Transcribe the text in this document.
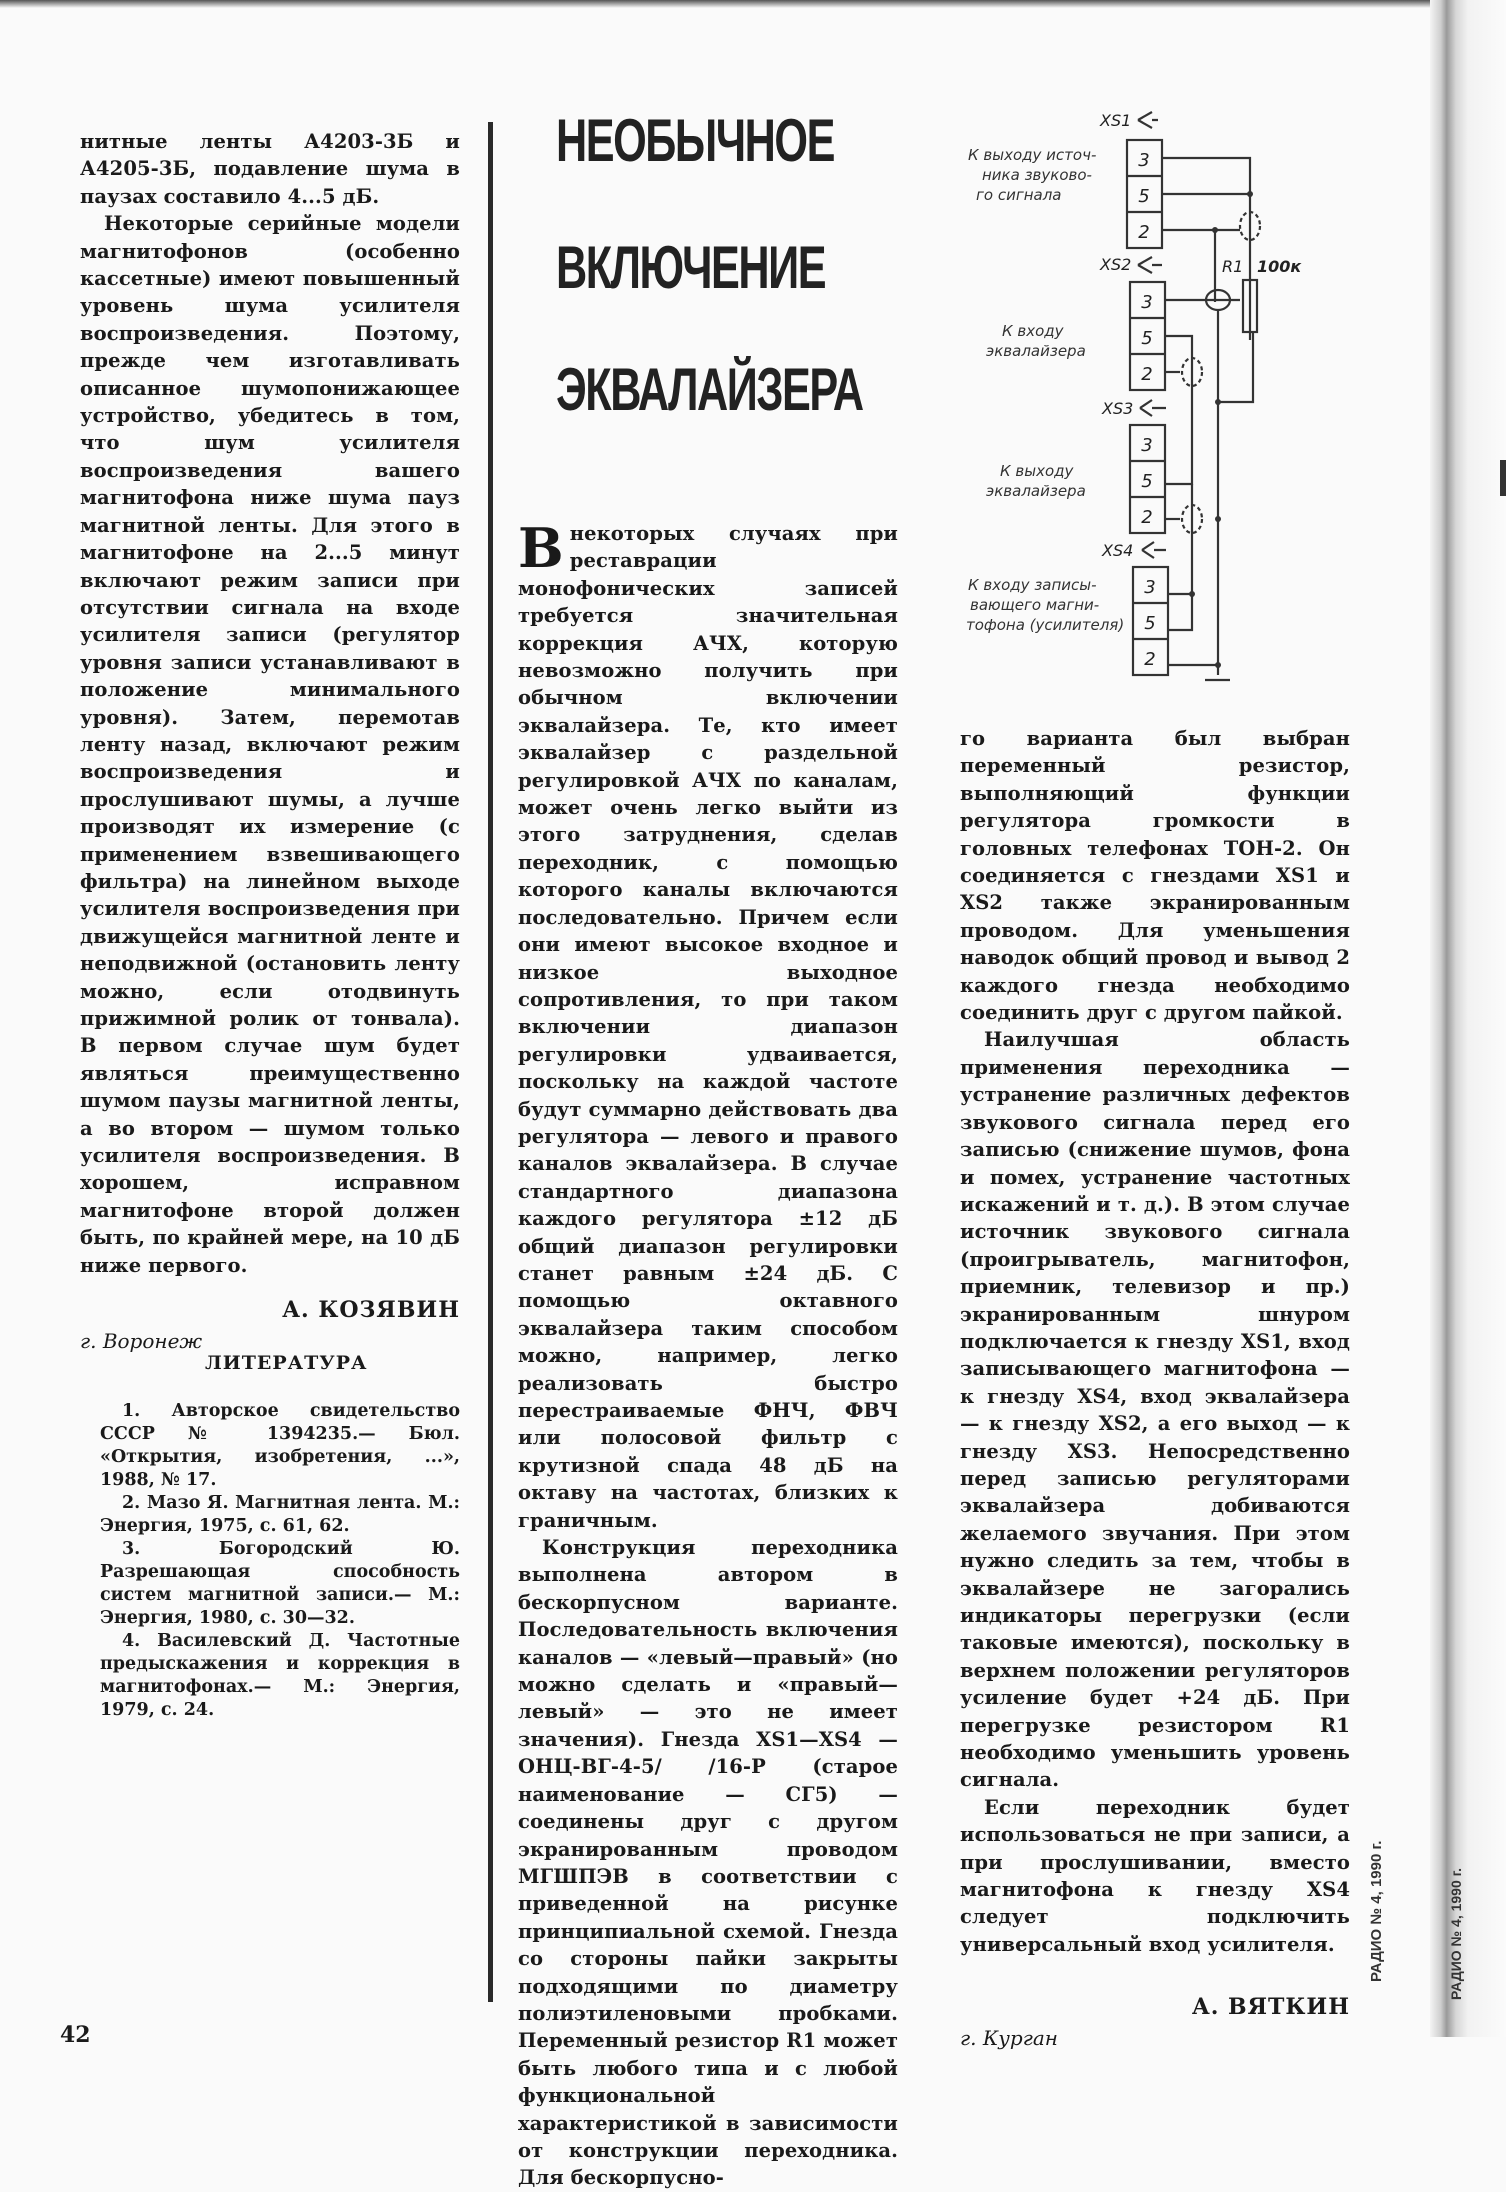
нитные ленты А4203-3Б и А4205-3Б, подавление шума в паузах составило 4...5 дБ.

Некоторые серийные модели магнитофонов (особенно кассетные) имеют повышенный уровень шума усилителя воспроизведения. Поэтому, прежде чем изготавливать описанное шумопонижающее устройство, убедитесь в том, что шум усилителя воспроизведения вашего магнитофона ниже шума пауз магнитной ленты. Для этого в магнитофоне на 2...5 минут включают режим записи при отсутствии сигнала на входе усилителя записи (регулятор уровня записи устанавливают в положение минимального уровня). Затем, перемотав ленту назад, включают режим воспроизведения и прослушивают шумы, а лучше производят их измерение (с применением взвешивающего фильтра) на линейном выходе усилителя воспроизведения при движущейся магнитной ленте и неподвижной (остановить ленту можно, если отодвинуть прижимной ролик от тонвала). В первом случае шум будет являться преимущественно шумом паузы магнитной ленты, а во втором — шумом только усилителя воспроизведения. В хорошем, исправном магнитофоне второй должен быть, по крайней мере, на 10 дБ ниже первого.

А. КОЗЯВИН
г. Воронеж
ЛИТЕРАТУРА

1. Авторское свидетельство СССР № 1394235.— Бюл. «Открытия, изобретения, ...», 1988, № 17.

2. Мазо Я. Магнитная лента. М.: Энергия, 1975, с. 61, 62.

3. Богородский Ю. Разрешающая способность систем магнитной записи.— М.: Энергия, 1980, с. 30—32.

4. Василевский Д. Частотные предыскажения и коррекция в магнитофонах.— М.: Энергия, 1979, с. 24.

НЕОБЫЧНОЕ
ВКЛЮЧЕНИЕ
ЭКВАЛАЙЗЕРА

Внекоторых случаях при реставрации монофонических записей требуется значительная коррекция АЧХ, которую невозможно получить при обычном включении эквалайзера. Те, кто имеет эквалайзер с раздельной регулировкой АЧХ по каналам, может очень легко выйти из этого затруднения, сделав переходник, с помощью которого каналы включаются последовательно. Причем если они имеют высокое входное и низкое выходное сопротивления, то при таком включении диапазон регулировки удваивается, поскольку на каждой частоте будут суммарно действовать два регулятора — левого и правого каналов эквалайзера. В случае стандартного диапазона каждого регулятора ±12 дБ общий диапазон регулировки станет равным ±24 дБ. С помощью октавного эквалайзера таким способом можно, например, легко реализовать быстро перестраиваемые ФНЧ, ФВЧ или полосовой фильтр с крутизной спада 48 дБ на октаву на частотах, близких к граничным.

Конструкция переходника выполнена автором в бескорпусном варианте. Последовательность включения каналов — «левый—правый» (но можно сделать и «правый—левый» — это не имеет значения). Гнезда XS1—XS4 — ОНЦ-ВГ-4-5/ /16-Р (старое наименование — СГ5) — соединены друг с другом экранированным проводом МГШПЭВ в соответствии с приведенной на рисунке принципиальной схемой. Гнезда со стороны пайки закрыты подходящими по диаметру полиэтиленовыми пробками. Переменный резистор R1 может быть любого типа и с любой функциональной характеристикой в зависимости от конструкции переходника. Для бескорпусно-

XS1
XS2
XS3
XS4
3
5
2
3
5
2
3
5
2
3
5
2
К выходу источ-
ника звуково-
го сигнала
К входу
эквалайзера
К выходу
эквалайзера
К входу записы-
вающего магни-
тофона (усилителя)
R1 100к

го варианта был выбран переменный резистор, выполняющий функции регулятора громкости в головных телефонах ТОН-2. Он соединяется с гнездами XS1 и XS2 также экранированным проводом. Для уменьшения наводок общий провод и вывод 2 каждого гнезда необходимо соединить друг с другом пайкой.

Наилучшая область применения переходника — устранение различных дефектов звукового сигнала перед его записью (снижение шумов, фона и помех, устранение частотных искажений и т. д.). В этом случае источник звукового сигнала (проигрыватель, магнитофон, приемник, телевизор и пр.) экранированным шнуром подключается к гнезду XS1, вход записывающего магнитофона — к гнезду XS4, вход эквалайзера — к гнезду XS2, а его выход — к гнезду XS3. Непосредственно перед записью регуляторами эквалайзера добиваются желаемого звучания. При этом нужно следить за тем, чтобы в эквалайзере не загорались индикаторы перегрузки (если таковые имеются), поскольку в верхнем положении регуляторов усиление будет +24 дБ. При перегрузке резистором R1 необходимо уменьшить уровень сигнала.

Если переходник будет использоваться не при записи, а при прослушивании, вместо магнитофона к гнезду XS4 следует подключить универсальный вход усилителя.

А. ВЯТКИН
г. Курган
РАДИО № 4, 1990 г.	РАДИО № 4, 1990 г.
42
